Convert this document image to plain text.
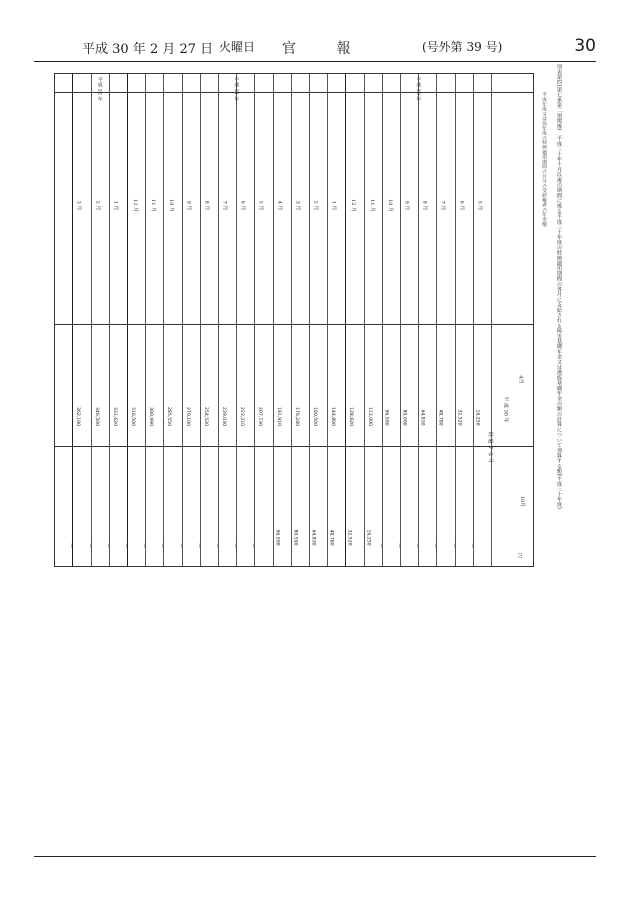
平成 30 年 2 月 27 日 火曜日 官 報	(号外第 39 号)	30
別表第四(第七条第二項関係)　平成三十年十月以後の期間に係る平成三十年度の特例適用期間の各月に支給される障害基礎年金又は遺族基礎年金の額の計算について加算する額(平成三十年度)
平成年度又は前年度の特例適用期間の月分の受給権者の年金額
4月
10月
平 成 30 年
経 過 す る 月
円
5 月
16,250
—
6 月
32,520
—
7 月
48,780
—
8 月
64,830
—
9 月
80,000
—
10 月
96,500
—
11 月
112,000
16,250
12 月
128,820
32,520
1 月
144,800
48,780
2 月
160,500
64,830
3 月
176,240
80,590
4 月
191,910
96,500
5 月
207,730
—
6 月
223,310
—
7 月
239,030
—
8 月
254,520
—
9 月
270,100
—
10 月
285,550
—
11 月
300,990
—
12 月
316,500
—
1 月
331,620
—
2 月
346,500
—
3 月
362,190
—
平成 30 年
平成 31 年
平成 32 年
